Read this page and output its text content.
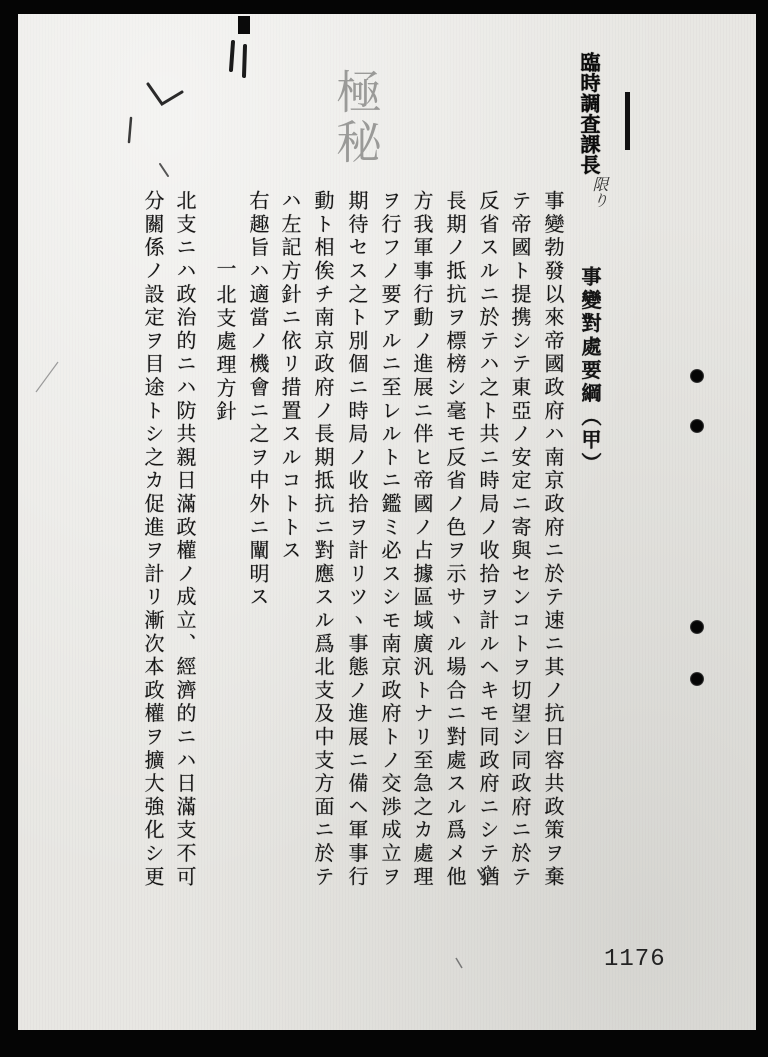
極秘	臨時調査課長
限り
事變對處要綱（甲）
事變勃發以來帝國政府ハ南京政府ニ於テ速ニ其ノ抗日容共政策ヲ棄
テ帝國ト提携シテ東亞ノ安定ニ寄與センコトヲ切望シ同政府ニ於テ
反省スルニ於テハ之ト共ニ時局ノ收拾ヲ計ルヘキモ同政府ニシテ猶
長期ノ抵抗ヲ標榜シ毫モ反省ノ色ヲ示サヽル場合ニ對處スル爲メ他
方我軍事行動ノ進展ニ伴ヒ帝國ノ占據區域廣汎トナリ至急之カ處理
ヲ行フノ要アルニ至レルトニ鑑ミ必スシモ南京政府トノ交渉成立ヲ
期待セス之ト別個ニ時局ノ收拾ヲ計リツヽ事態ノ進展ニ備ヘ軍事行
動ト相俟チ南京政府ノ長期抵抗ニ對應スル爲北支及中支方面ニ於テ
ハ左記方針ニ依リ措置スルコトトス
右趣旨ハ適當ノ機會ニ之ヲ中外ニ闡明ス
一
北支處理方針
北支ニハ政治的ニハ防共親日滿政權ノ成立、經濟的ニハ日滿支不可
分關係ノ設定ヲ目途トシ之カ促進ヲ計リ漸次本政權ヲ擴大強化シ更
1176
